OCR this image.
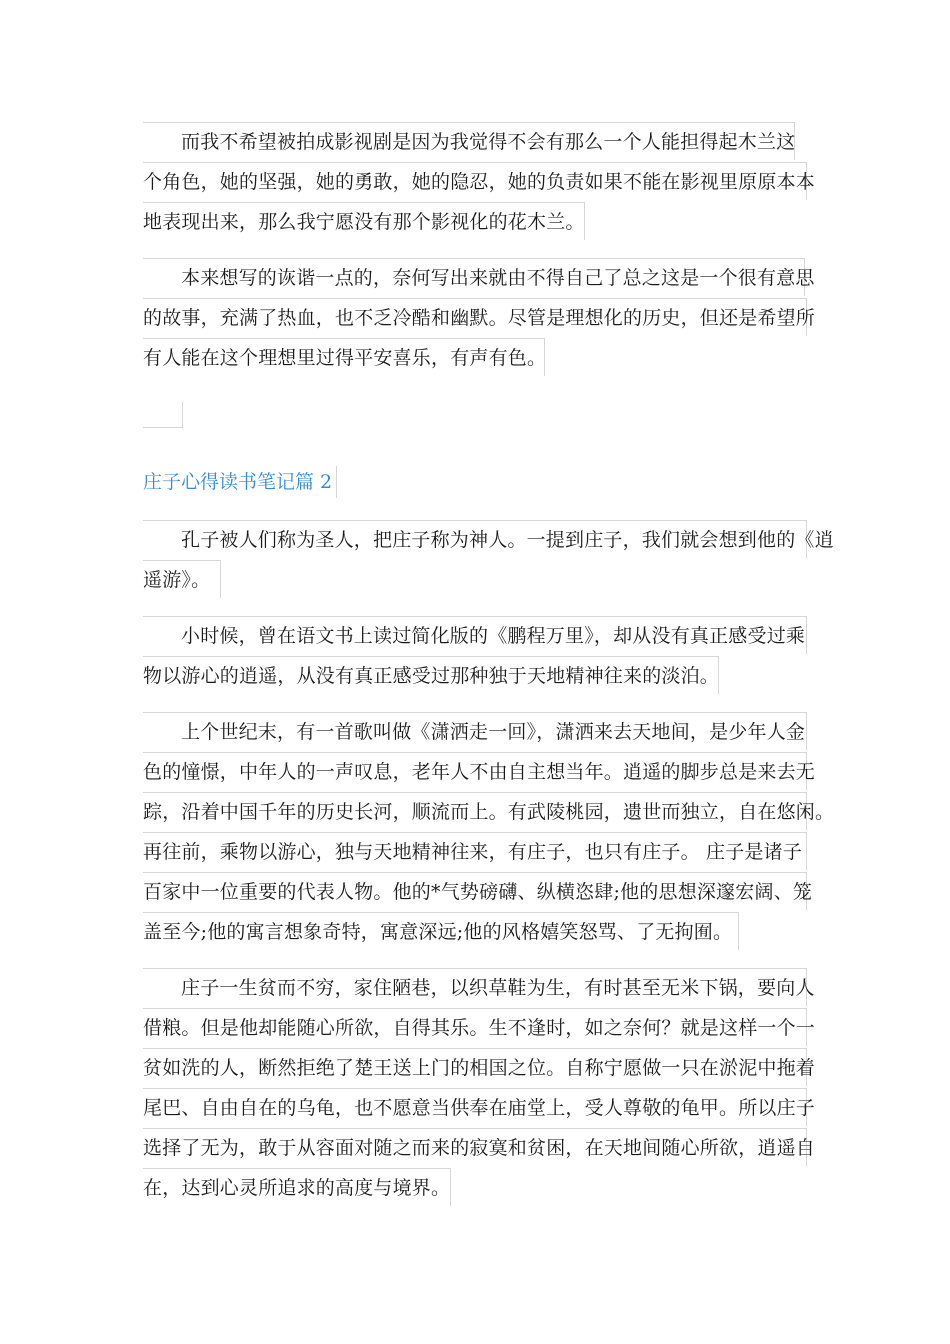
而我不希望被拍成影视剧是因为我觉得不会有那么一个人能担得起木兰这
个角色，她的坚强，她的勇敢，她的隐忍，她的负责如果不能在影视里原原本本
地表现出来，那么我宁愿没有那个影视化的花木兰。
本来想写的诙谐一点的，奈何写出来就由不得自己了总之这是一个很有意思
的故事，充满了热血，也不乏冷酷和幽默。尽管是理想化的历史，但还是希望所
有人能在这个理想里过得平安喜乐，有声有色。
庄子心得读书笔记篇 2
孔子被人们称为圣人，把庄子称为神人。一提到庄子，我们就会想到他的《逍
遥游》。
小时候，曾在语文书上读过简化版的《鹏程万里》，却从没有真正感受过乘
物以游心的逍遥，从没有真正感受过那种独于天地精神往来的淡泊。
上个世纪末，有一首歌叫做《潇洒走一回》，潇洒来去天地间，是少年人金
色的憧憬，中年人的一声叹息，老年人不由自主想当年。逍遥的脚步总是来去无
踪，沿着中国千年的历史长河，顺流而上。有武陵桃园，遗世而独立，自在悠闲。
再往前，乘物以游心，独与天地精神往来，有庄子，也只有庄子。 庄子是诸子
百家中一位重要的代表人物。他的*气势磅礴、纵横恣肆;他的思想深邃宏阔、笼
盖至今;他的寓言想象奇特，寓意深远;他的风格嬉笑怒骂、了无拘囿。
庄子一生贫而不穷，家住陋巷，以织草鞋为生，有时甚至无米下锅，要向人
借粮。但是他却能随心所欲，自得其乐。生不逢时，如之奈何？就是这样一个一
贫如洗的人，断然拒绝了楚王送上门的相国之位。自称宁愿做一只在淤泥中拖着
尾巴、自由自在的乌龟，也不愿意当供奉在庙堂上，受人尊敬的龟甲。所以庄子
选择了无为，敢于从容面对随之而来的寂寞和贫困，在天地间随心所欲，逍遥自
在，达到心灵所追求的高度与境界。
